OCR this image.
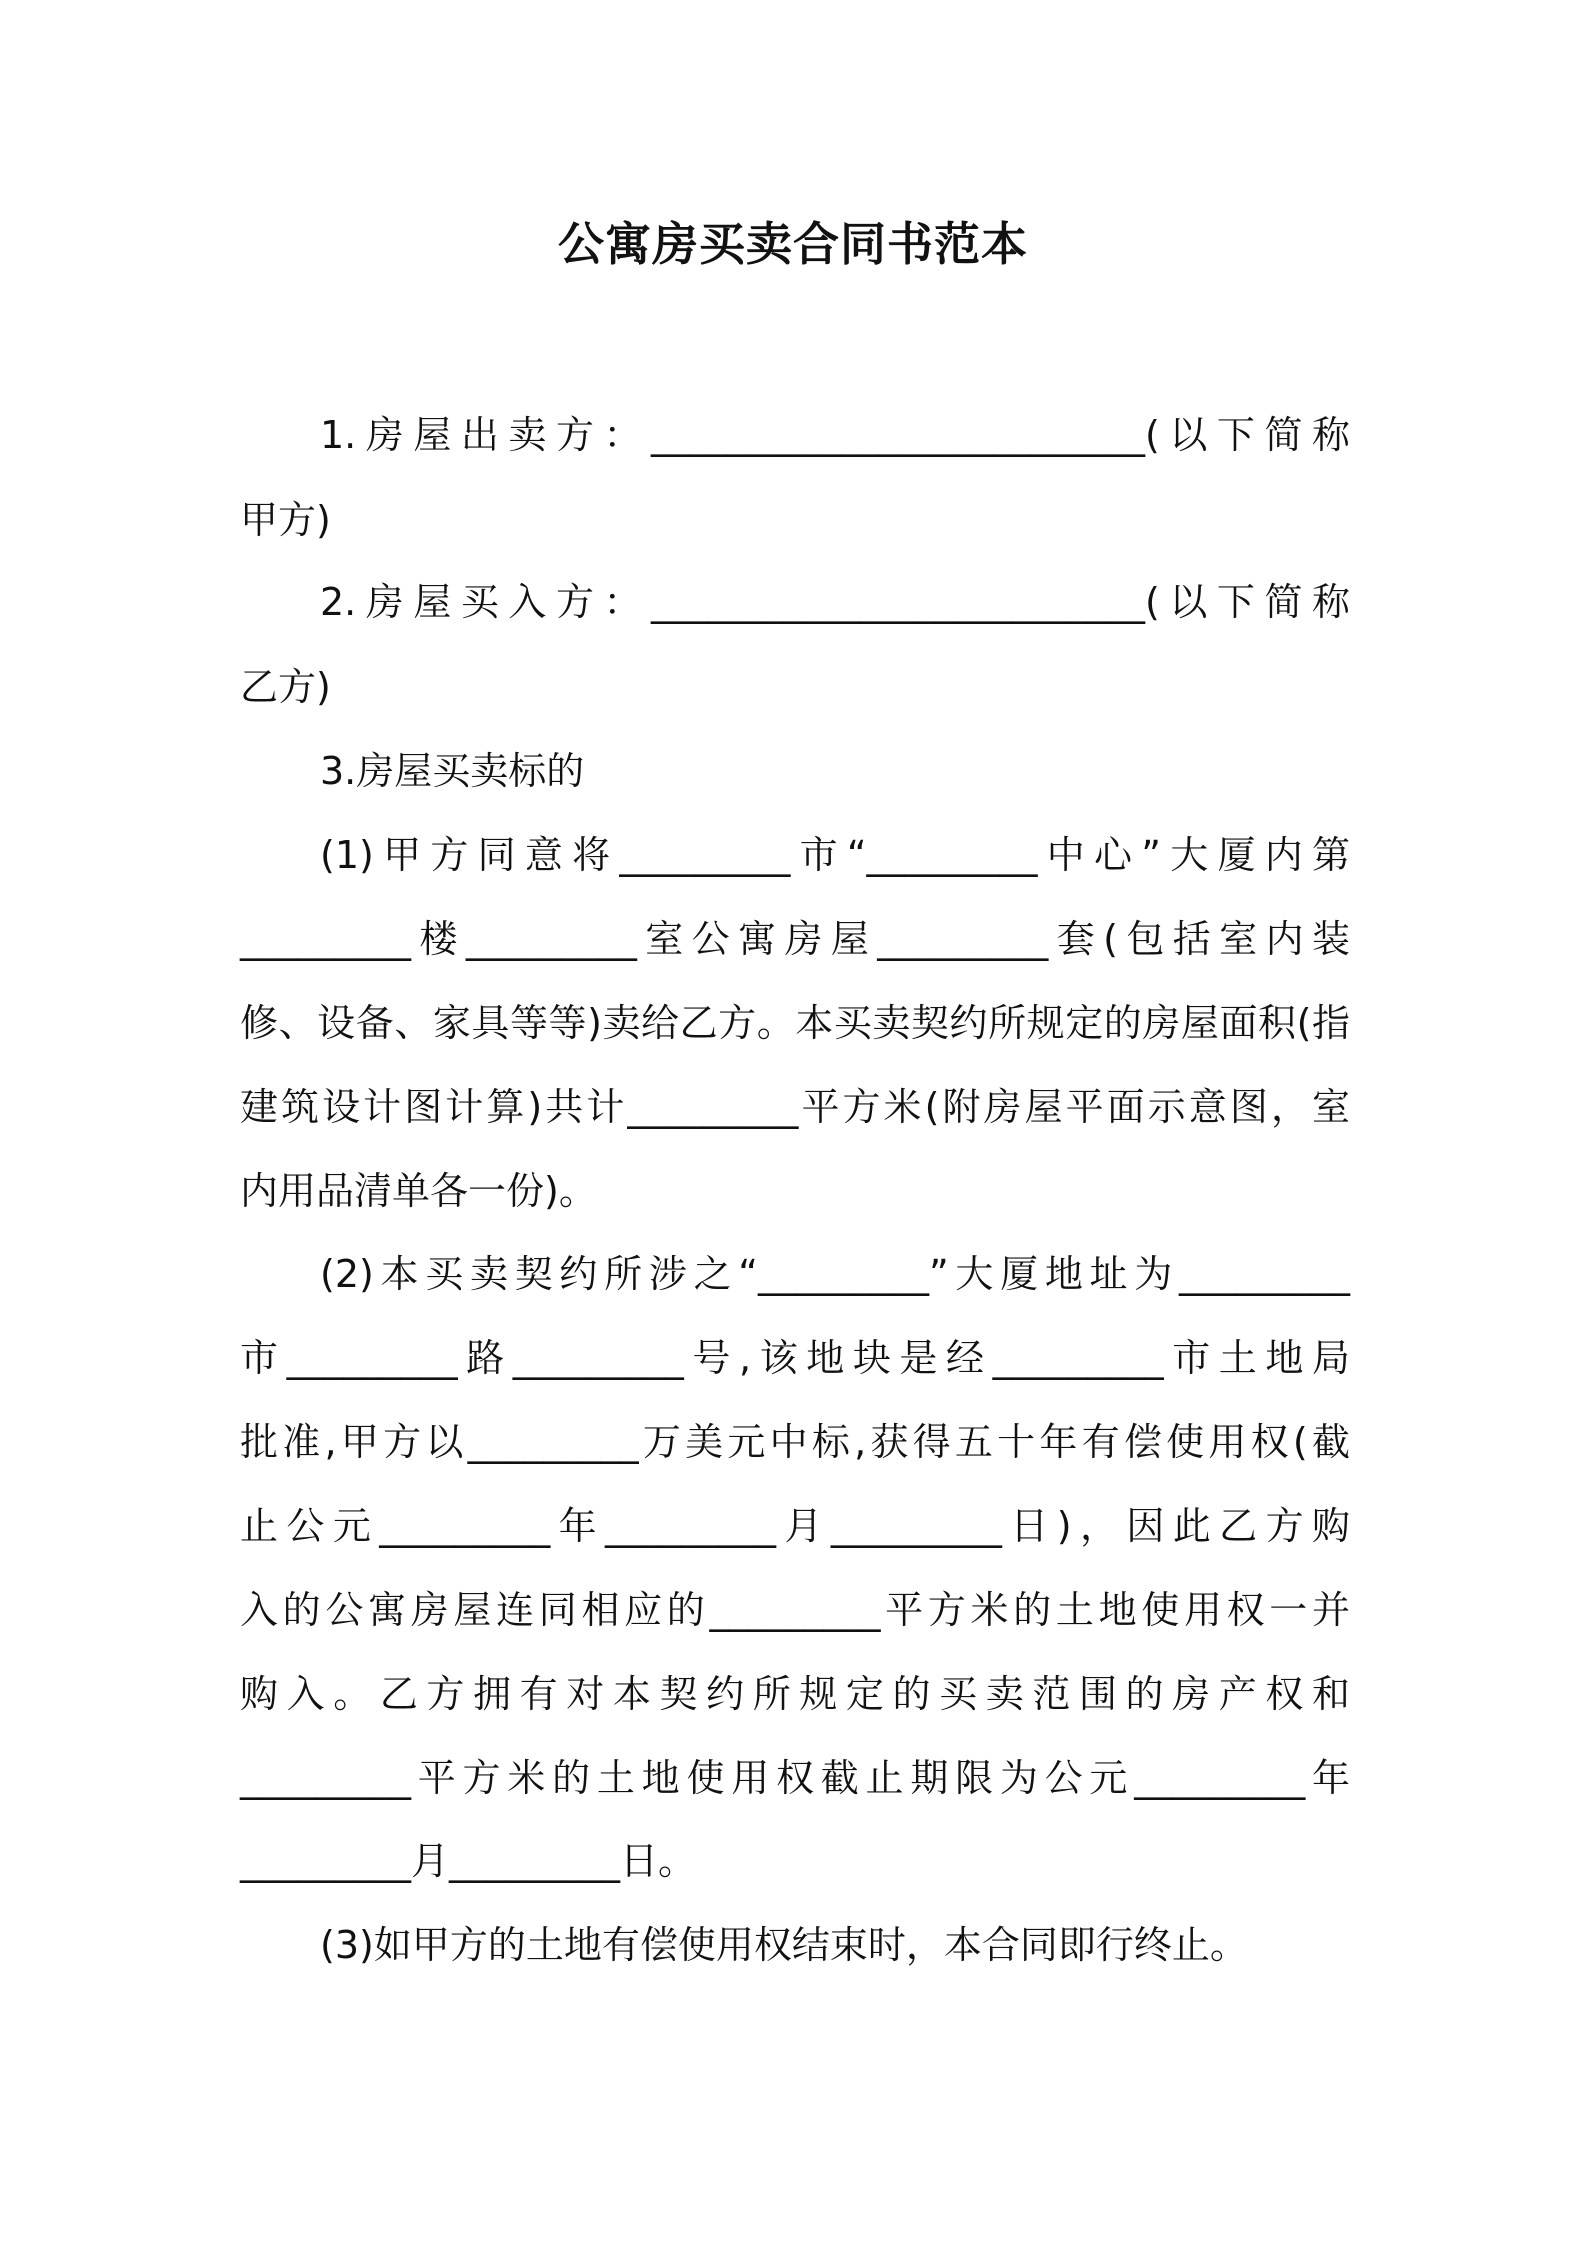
公寓房买卖合同书范本
1.房屋出卖方：__________________________(以下简称
甲方)
2.房屋买入方：__________________________(以下简称
乙方)
3.房屋买卖标的
(1)甲方同意将_________市“_________中心”大厦内第
_________楼_________室公寓房屋_________套(包括室内装
修、设备、家具等等)卖给乙方。本买卖契约所规定的房屋面积(指
建筑设计图计算)共计_________平方米(附房屋平面示意图，室
内用品清单各一份)。
(2)本买卖契约所涉之“_________”大厦地址为_________
市_________路_________号,该地块是经_________市土地局
批准,甲方以_________万美元中标,获得五十年有偿使用权(截
止公元_________年_________月_________日)，因此乙方购
入的公寓房屋连同相应的_________平方米的土地使用权一并
购入。乙方拥有对本契约所规定的买卖范围的房产权和
_________平方米的土地使用权截止期限为公元_________年
_________月_________日。
(3)如甲方的土地有偿使用权结束时，本合同即行终止。
